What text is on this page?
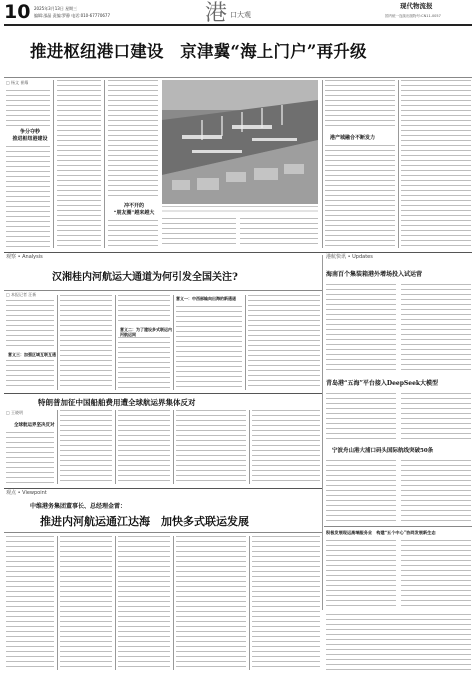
10 2025年3月13日 星期三
编辑:邵晶 责编:罗静 电话:010-67770677	港 口大观
现代物流报
国内统一连续出版物号:CN11-0057
推进枢纽港口建设　京津冀“海上门户”再升级
□ 杨文 崔耀
争分夺秒
推进枢纽港建设
冲不开的
“朋友圈”越来越大
港产城融合不断发力
观察 • Analysis
汉湘桂内河航运大通道为何引发全国关注?
□ 本报记者 汪新
意义三：加强区域互联互通
意义二：为了建设多式联运内河航运网
意义一：中西部输向出海的新通道
港航快讯 • Updates
海南百个集装箱港外增场投入试运营
青岛港“五海”平台接入DeepSeek大模型
宁波舟山港大浦口码头国际航线突破50条
积极发展现运高端服务业　构建“五个中心”协同发展新生态
特朗普加征中国船舶费用遭全球航运界集体反对
□ 王晓明
全球航运界坚决反对
观点 • Viewpoint
中维港务集团董事长、总经理金雷：
推进内河航运通江达海　加快多式联运发展
